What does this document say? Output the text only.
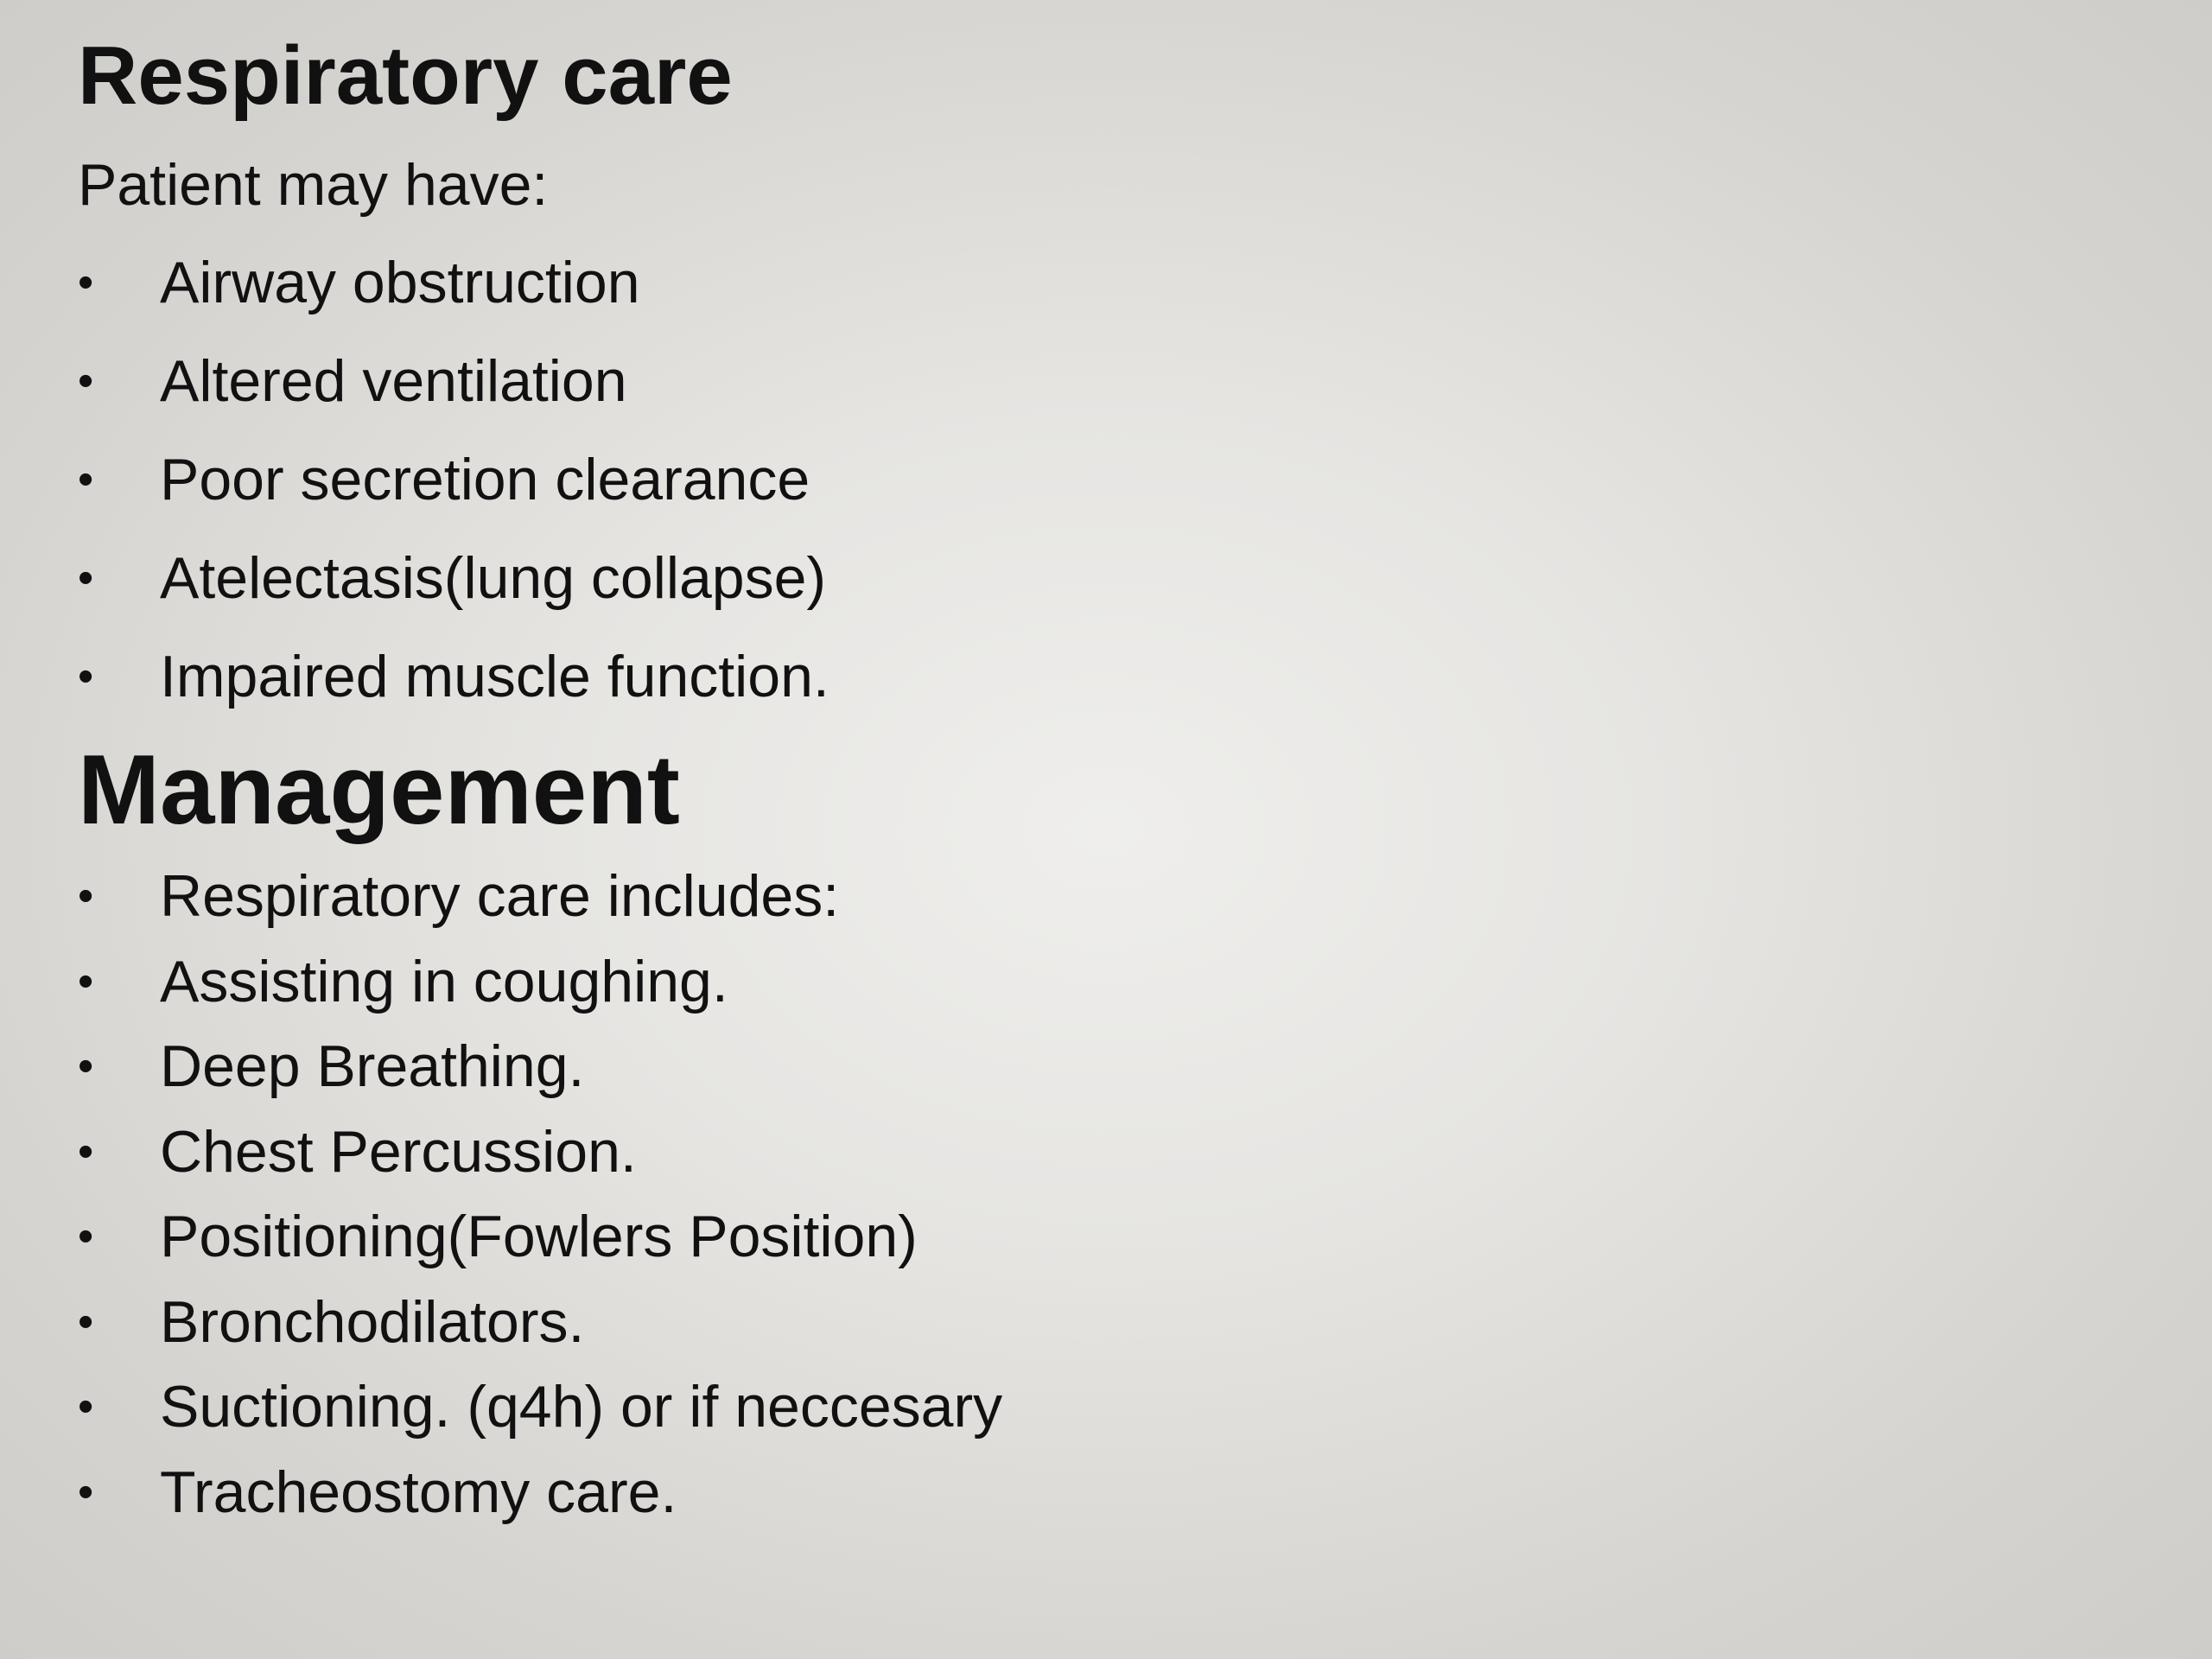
Respiratory care

Patient may have:

•	Airway obstruction
•	Altered ventilation
•	Poor secretion clearance
•	Atelectasis(lung collapse)
•	Impaired muscle function.
Management
•	Respiratory care includes:
•	Assisting in coughing.
•	Deep Breathing.
•	Chest Percussion.
•	Positioning(Fowlers Position)
•	Bronchodilators.
•	Suctioning. (q4h) or if neccesary
•	Tracheostomy care.
